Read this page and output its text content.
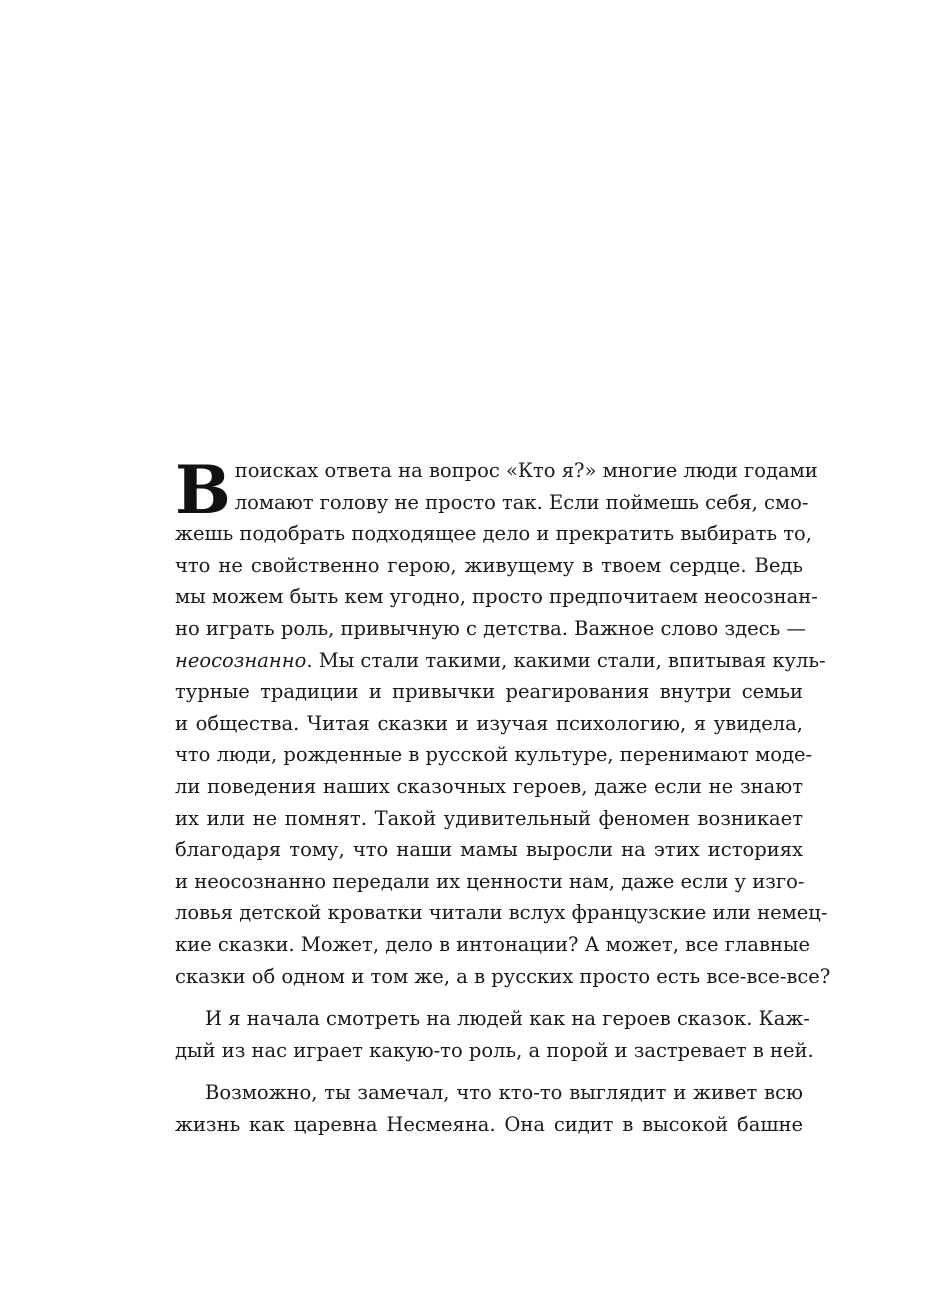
В поисках ответа на вопрос «Кто я?» многие люди годами
ломают голову не просто так. Если поймешь себя, смо-
жешь подобрать подходящее дело и прекратить выбирать то,
что не свойственно герою, живущему в твоем сердце. Ведь
мы можем быть кем угодно, просто предпочитаем неосознан-
но играть роль, привычную с детства. Важное слово здесь —
неосознанно. Мы стали такими, какими стали, впитывая куль-
турные традиции и привычки реагирования внутри семьи
и общества. Читая сказки и изучая психологию, я увидела,
что люди, рожденные в русской культуре, перенимают моде-
ли поведения наших сказочных героев, даже если не знают
их или не помнят. Такой удивительный феномен возникает
благодаря тому, что наши мамы выросли на этих историях
и неосознанно передали их ценности нам, даже если у изго-
ловья детской кроватки читали вслух французские или немец-
кие сказки. Может, дело в интонации? А может, все главные
сказки об одном и том же, а в русских просто есть все-все-все?
И я начала смотреть на людей как на героев сказок. Каж-
дый из нас играет какую-то роль, а порой и застревает в ней.
Возможно, ты замечал, что кто-то выглядит и живет всю
жизнь как царевна Несмеяна. Она сидит в высокой башне
